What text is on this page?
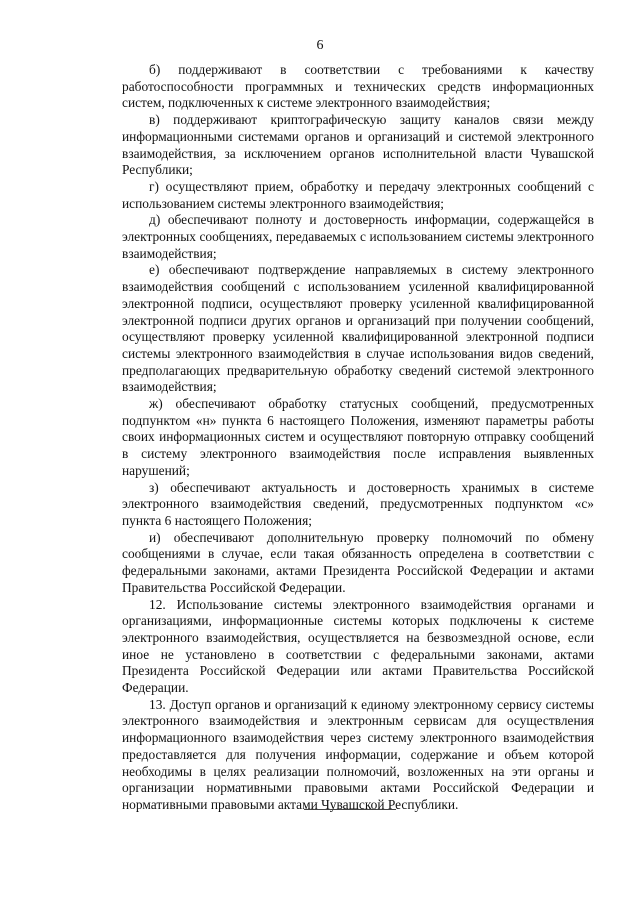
6

б) поддерживают в соответствии с требованиями к качеству работоспособности программных и технических средств информационных систем, подключенных к системе электронного взаимодействия;

в) поддерживают криптографическую защиту каналов связи между информационными системами органов и организаций и системой электронного взаимодействия, за исключением органов исполнительной власти Чувашской Республики;

г) осуществляют прием, обработку и передачу электронных сообщений с использованием системы электронного взаимодействия;

д) обеспечивают полноту и достоверность информации, содержащейся в электронных сообщениях, передаваемых с использованием системы электронного взаимодействия;

е) обеспечивают подтверждение направляемых в систему электронного взаимодействия сообщений с использованием усиленной квалифицированной электронной подписи, осуществляют проверку усиленной квалифицированной электронной подписи других органов и организаций при получении сообщений, осуществляют проверку усиленной квалифицированной электронной подписи системы электронного взаимодействия в случае использования видов сведений, предполагающих предварительную обработку сведений системой электронного взаимодействия;

ж) обеспечивают обработку статусных сообщений, предусмотренных подпунктом «н» пункта 6 настоящего Положения, изменяют параметры работы своих информационных систем и осуществляют повторную отправку сообщений в систему электронного взаимодействия после исправления выявленных нарушений;

з) обеспечивают актуальность и достоверность хранимых в системе электронного взаимодействия сведений, предусмотренных подпунктом «с» пункта 6 настоящего Положения;

и) обеспечивают дополнительную проверку полномочий по обмену сообщениями в случае, если такая обязанность определена в соответствии с федеральными законами, актами Президента Российской Федерации и актами Правительства Российской Федерации.

12. Использование системы электронного взаимодействия органами и организациями, информационные системы которых подключены к системе электронного взаимодействия, осуществляется на безвозмездной основе, если иное не установлено в соответствии с федеральными законами, актами Президента Российской Федерации или актами Правительства Российской Федерации.

13. Доступ органов и организаций к единому электронному сервису системы электронного взаимодействия и электронным сервисам для осуществления информационного взаимодействия через систему электронного взаимодействия предоставляется для получения информации, содержание и объем которой необходимы в целях реализации полномочий, возложенных на эти органы и организации нормативными правовыми актами Российской Федерации и нормативными правовыми актами Чувашской Республики.
